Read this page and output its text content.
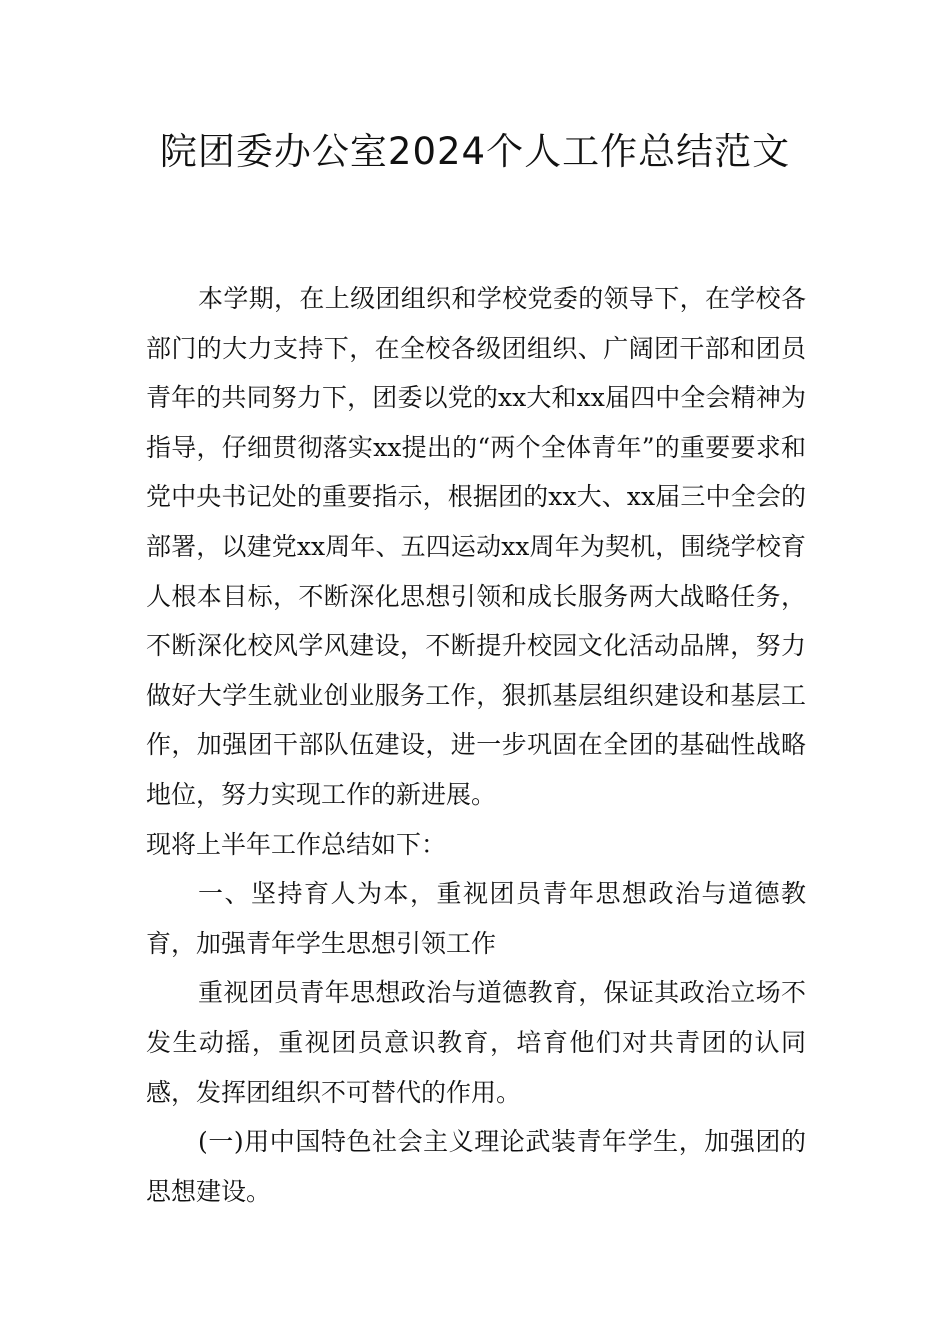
院团委办公室2024个人工作总结范文

本学期，在上级团组织和学校党委的领导下，在学校各部门的大力支持下，在全校各级团组织、广阔团干部和团员青年的共同努力下，团委以党的xx大和xx届四中全会精神为指导，仔细贯彻落实xx提出的“两个全体青年”的重要要求和党中央书记处的重要指示，根据团的xx大、xx届三中全会的部署，以建党xx周年、五四运动xx周年为契机，围绕学校育人根本目标，不断深化思想引领和成长服务两大战略任务，不断深化校风学风建设，不断提升校园文化活动品牌，努力做好大学生就业创业服务工作，狠抓基层组织建设和基层工作，加强团干部队伍建设，进一步巩固在全团的基础性战略地位，努力实现工作的新进展。

现将上半年工作总结如下：

一、坚持育人为本，重视团员青年思想政治与道德教育，加强青年学生思想引领工作

重视团员青年思想政治与道德教育，保证其政治立场不发生动摇，重视团员意识教育，培育他们对共青团的认同感，发挥团组织不可替代的作用。

(一)用中国特色社会主义理论武装青年学生，加强团的思想建设。
